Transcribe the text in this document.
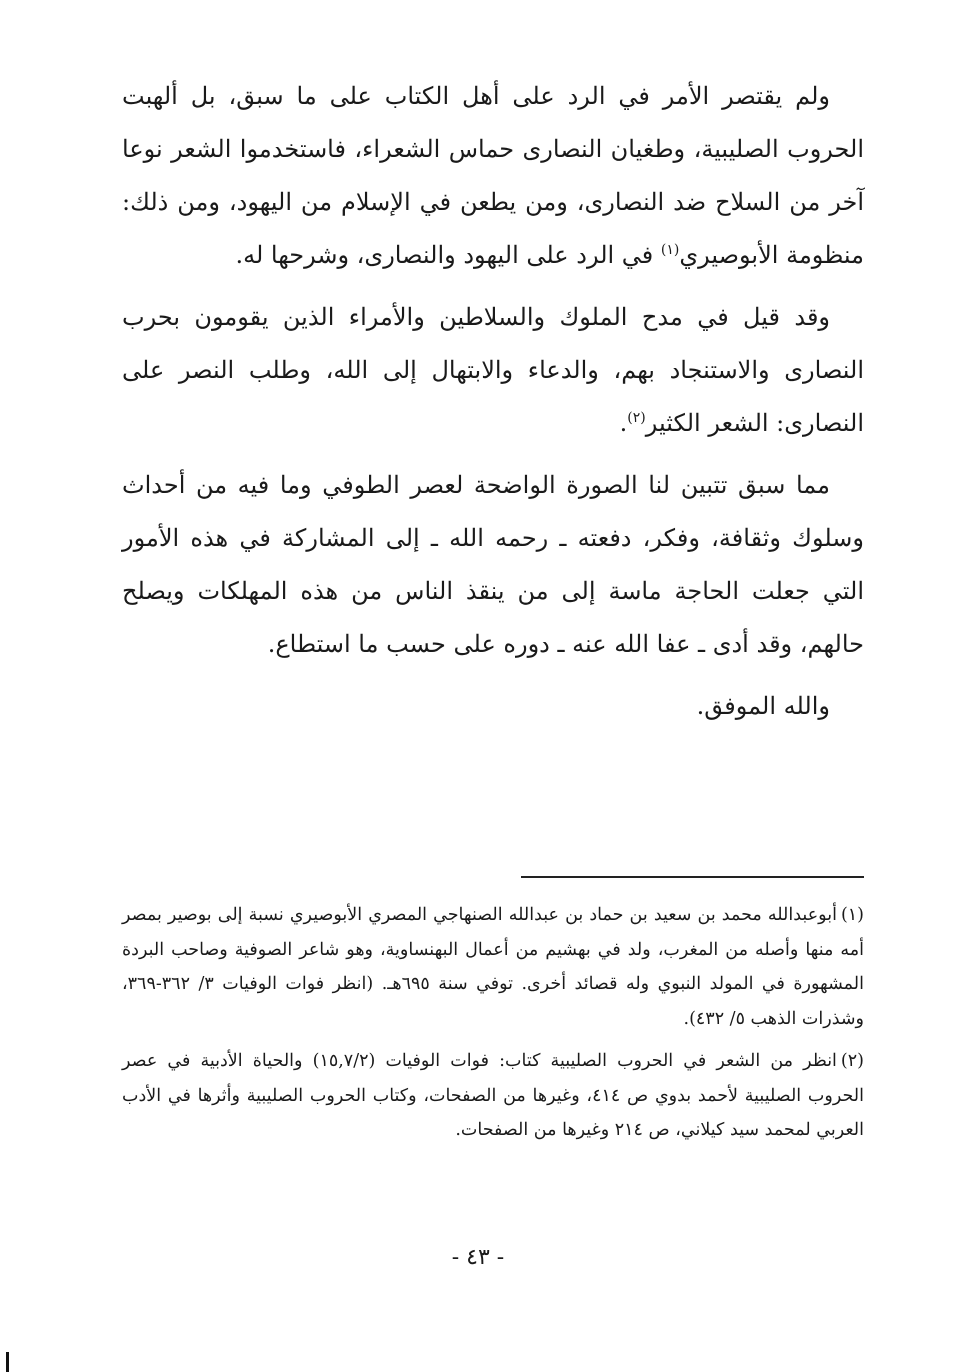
ولم يقتصر الأمر في الرد على أهل الكتاب على ما سبق، بل ألهبت الحروب الصليبية، وطغيان النصارى حماس الشعراء، فاستخدموا الشعر نوعا آخر من السلاح ضد النصارى، ومن يطعن في الإسلام من اليهود، ومن ذلك: منظومة الأبوصيري$^{(١)}$ في الرد على اليهود والنصارى، وشرحها له.

وقد قيل في مدح الملوك والسلاطين والأمراء الذين يقومون بحرب النصارى والاستنجاد بهم، والدعاء والابتهال إلى الله، وطلب النصر على النصارى: الشعر الكثير$^{(٢)}$.

مما سبق تتبين لنا الصورة الواضحة لعصر الطوفي وما فيه من أحداث وسلوك وثقافة، وفكر، دفعته ـ رحمه الله ـ إلى المشاركة في هذه الأمور التي جعلت الحاجة ماسة إلى من ينقذ الناس من هذه المهلكات ويصلح حالهم، وقد أدى ـ عفا الله عنه ـ دوره على حسب ما استطاع.

والله الموفق.

(١)أبوعبدالله محمد بن سعيد بن حماد بن عبدالله الصنهاجي المصري الأبوصيري نسبة إلى بوصير بمصر أمه منها وأصله من المغرب، ولد في بهشيم من أعمال البهنساوية، وهو شاعر الصوفية وصاحب البردة المشهورة في المولد النبوي وله قصائد أخرى. توفي سنة ٦٩٥هـ. (انظر فوات الوفيات ٣/ ٣٦٢-٣٦٩، وشذرات الذهب ٥/ ٤٣٢).

(٢)انظر من الشعر في الحروب الصليبية كتاب: فوات الوفيات (١٥,٧/٢) والحياة الأدبية في عصر الحروب الصليبية لأحمد بدوي ص ٤١٤، وغيرها من الصفحات، وكتاب الحروب الصليبية وأثرها في الأدب العربي لمحمد سيد كيلاني، ص ٢١٤ وغيرها من الصفحات.

- ٤٣ -
